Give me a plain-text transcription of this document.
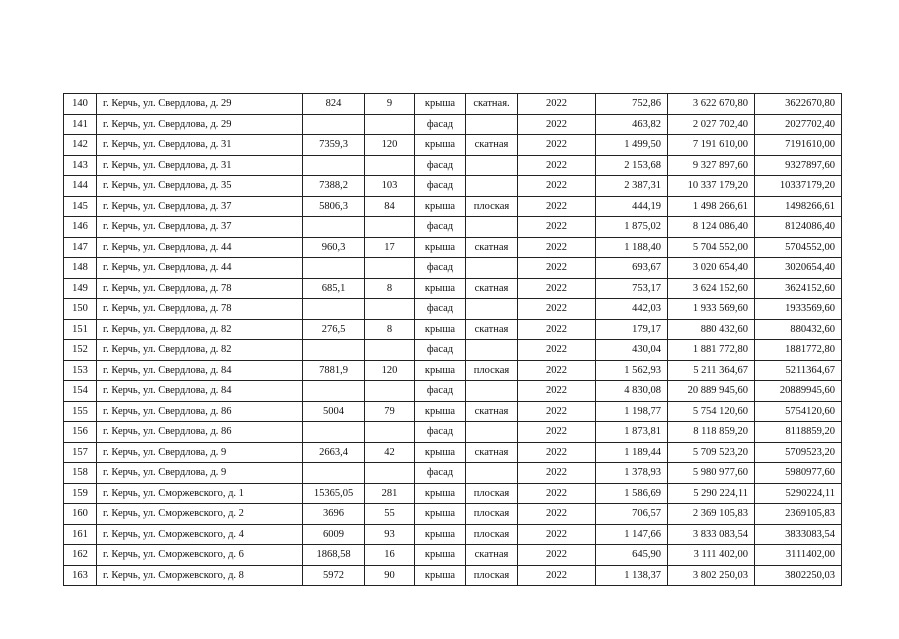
140	г. Керчь, ул. Свердлова, д. 29	824	9	крыша	скатная.	2022	752,86	3 622 670,80	3622670,80
141	г. Керчь, ул. Свердлова, д. 29			фасад		2022	463,82	2 027 702,40	2027702,40
142	г. Керчь, ул. Свердлова, д. 31	7359,3	120	крыша	скатная	2022	1 499,50	7 191 610,00	7191610,00
143	г. Керчь, ул. Свердлова, д. 31			фасад		2022	2 153,68	9 327 897,60	9327897,60
144	г. Керчь, ул. Свердлова, д. 35	7388,2	103	фасад		2022	2 387,31	10 337 179,20	10337179,20
145	г. Керчь, ул. Свердлова, д. 37	5806,3	84	крыша	плоская	2022	444,19	1 498 266,61	1498266,61
146	г. Керчь, ул. Свердлова, д. 37			фасад		2022	1 875,02	8 124 086,40	8124086,40
147	г. Керчь, ул. Свердлова, д. 44	960,3	17	крыша	скатная	2022	1 188,40	5 704 552,00	5704552,00
148	г. Керчь, ул. Свердлова, д. 44			фасад		2022	693,67	3 020 654,40	3020654,40
149	г. Керчь, ул. Свердлова, д. 78	685,1	8	крыша	скатная	2022	753,17	3 624 152,60	3624152,60
150	г. Керчь, ул. Свердлова, д. 78			фасад		2022	442,03	1 933 569,60	1933569,60
151	г. Керчь, ул. Свердлова, д. 82	276,5	8	крыша	скатная	2022	179,17	880 432,60	880432,60
152	г. Керчь, ул. Свердлова, д. 82			фасад		2022	430,04	1 881 772,80	1881772,80
153	г. Керчь, ул. Свердлова, д. 84	7881,9	120	крыша	плоская	2022	1 562,93	5 211 364,67	5211364,67
154	г. Керчь, ул. Свердлова, д. 84			фасад		2022	4 830,08	20 889 945,60	20889945,60
155	г. Керчь, ул. Свердлова, д. 86	5004	79	крыша	скатная	2022	1 198,77	5 754 120,60	5754120,60
156	г. Керчь, ул. Свердлова, д. 86			фасад		2022	1 873,81	8 118 859,20	8118859,20
157	г. Керчь, ул. Свердлова, д. 9	2663,4	42	крыша	скатная	2022	1 189,44	5 709 523,20	5709523,20
158	г. Керчь, ул. Свердлова, д. 9			фасад		2022	1 378,93	5 980 977,60	5980977,60
159	г. Керчь, ул. Сморжевского, д. 1	15365,05	281	крыша	плоская	2022	1 586,69	5 290 224,11	5290224,11
160	г. Керчь, ул. Сморжевского, д. 2	3696	55	крыша	плоская	2022	706,57	2 369 105,83	2369105,83
161	г. Керчь, ул. Сморжевского, д. 4	6009	93	крыша	плоская	2022	1 147,66	3 833 083,54	3833083,54
162	г. Керчь, ул. Сморжевского, д. 6	1868,58	16	крыша	скатная	2022	645,90	3 111 402,00	3111402,00
163	г. Керчь, ул. Сморжевского, д. 8	5972	90	крыша	плоская	2022	1 138,37	3 802 250,03	3802250,03
